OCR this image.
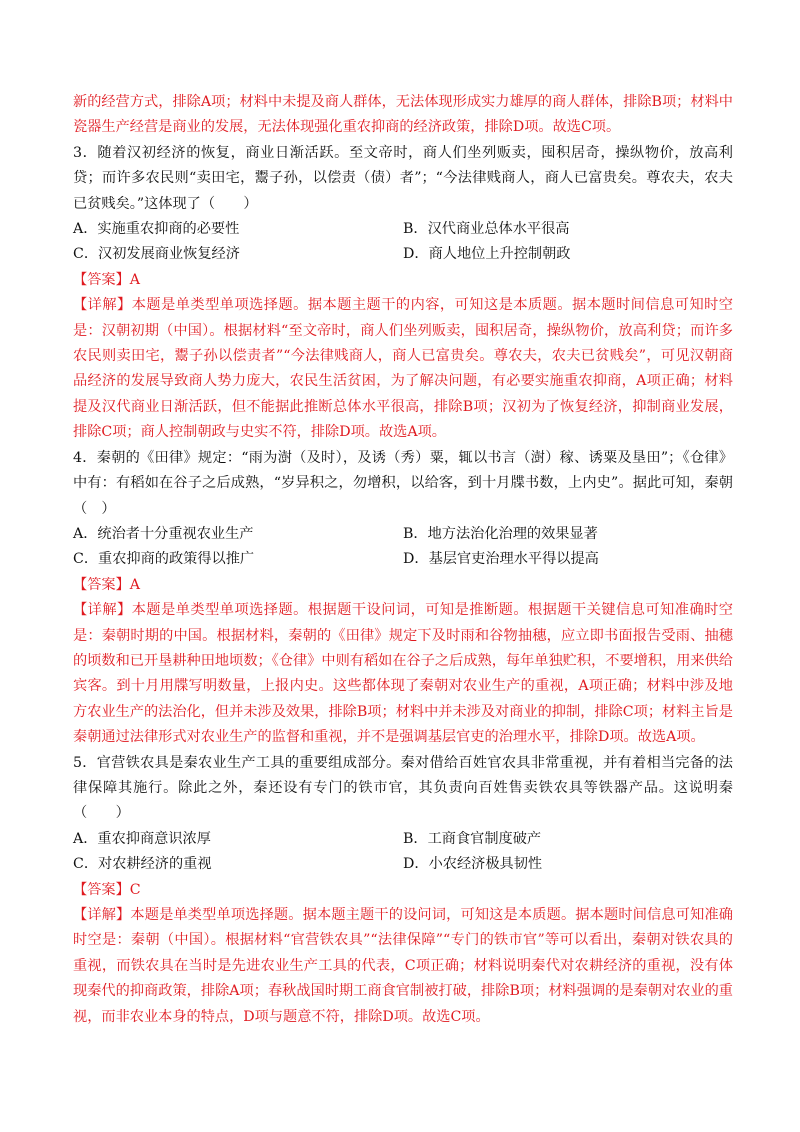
新的经营方式，排除A项；材料中未提及商人群体，无法体现形成实力雄厚的商人群体，排除B项；材料中瓷器生产经营是商业的发展，无法体现强化重农抑商的经济政策，排除D项。故选C项。

3．随着汉初经济的恢复，商业日渐活跃。至文帝时，商人们坐列贩卖，囤积居奇，操纵物价，放高利贷；而许多农民则“卖田宅，鬻子孙，以偿责（债）者”；“今法律贱商人，商人已富贵矣。尊农夫，农夫已贫贱矣。”这体现了（　　）

A．实施重农抑商的必要性	B．汉代商业总体水平很高

C．汉初发展商业恢复经济	D．商人地位上升控制朝政

【答案】A

【详解】本题是单类型单项选择题。据本题主题干的内容，可知这是本质题。据本题时间信息可知时空是：汉朝初期（中国）。根据材料“至文帝时，商人们坐列贩卖，囤积居奇，操纵物价，放高利贷；而许多农民则卖田宅，鬻子孙以偿责者”“今法律贱商人，商人已富贵矣。尊农夫，农夫已贫贱矣”，可见汉朝商品经济的发展导致商人势力庞大，农民生活贫困，为了解决问题，有必要实施重农抑商，A项正确；材料提及汉代商业日渐活跃，但不能据此推断总体水平很高，排除B项；汉初为了恢复经济，抑制商业发展，排除C项；商人控制朝政与史实不符，排除D项。故选A项。

4．秦朝的《田律》规定：“雨为澍（及时），及诱（秀）粟，辄以书言（澍）稼、诱粟及垦田”；《仓律》中有：有稻如在谷子之后成熟，“岁异积之，勿增积，以给客，到十月牒书数，上内史”。据此可知，秦朝（　）

A．统治者十分重视农业生产	B．地方法治化治理的效果显著

C．重农抑商的政策得以推广	D．基层官吏治理水平得以提高

【答案】A

【详解】本题是单类型单项选择题。根据题干设问词，可知是推断题。根据题干关键信息可知准确时空是：秦朝时期的中国。根据材料，秦朝的《田律》规定下及时雨和谷物抽穗，应立即书面报告受雨、抽穗的顷数和已开垦耕种田地顷数；《仓律》中则有稻如在谷子之后成熟，每年单独贮积，不要增积，用来供给宾客。到十月用牒写明数量，上报内史。这些都体现了秦朝对农业生产的重视，A项正确；材料中涉及地方农业生产的法治化，但并未涉及效果，排除B项；材料中并未涉及对商业的抑制，排除C项；材料主旨是秦朝通过法律形式对农业生产的监督和重视，并不是强调基层官吏的治理水平，排除D项。故选A项。

5．官营铁农具是秦农业生产工具的重要组成部分。秦对借给百姓官农具非常重视，并有着相当完备的法律保障其施行。除此之外，秦还设有专门的铁市官，其负责向百姓售卖铁农具等铁器产品。这说明秦（　　）

A．重农抑商意识浓厚	B．工商食官制度破产

C．对农耕经济的重视	D．小农经济极具韧性

【答案】C

【详解】本题是单类型单项选择题。据本题主题干的设问词，可知这是本质题。据本题时间信息可知准确时空是：秦朝（中国）。根据材料“官营铁农具”“法律保障”“专门的铁市官”等可以看出，秦朝对铁农具的重视，而铁农具在当时是先进农业生产工具的代表，C项正确；材料说明秦代对农耕经济的重视，没有体现秦代的抑商政策，排除A项；春秋战国时期工商食官制被打破，排除B项；材料强调的是秦朝对农业的重视，而非农业本身的特点，D项与题意不符，排除D项。故选C项。
